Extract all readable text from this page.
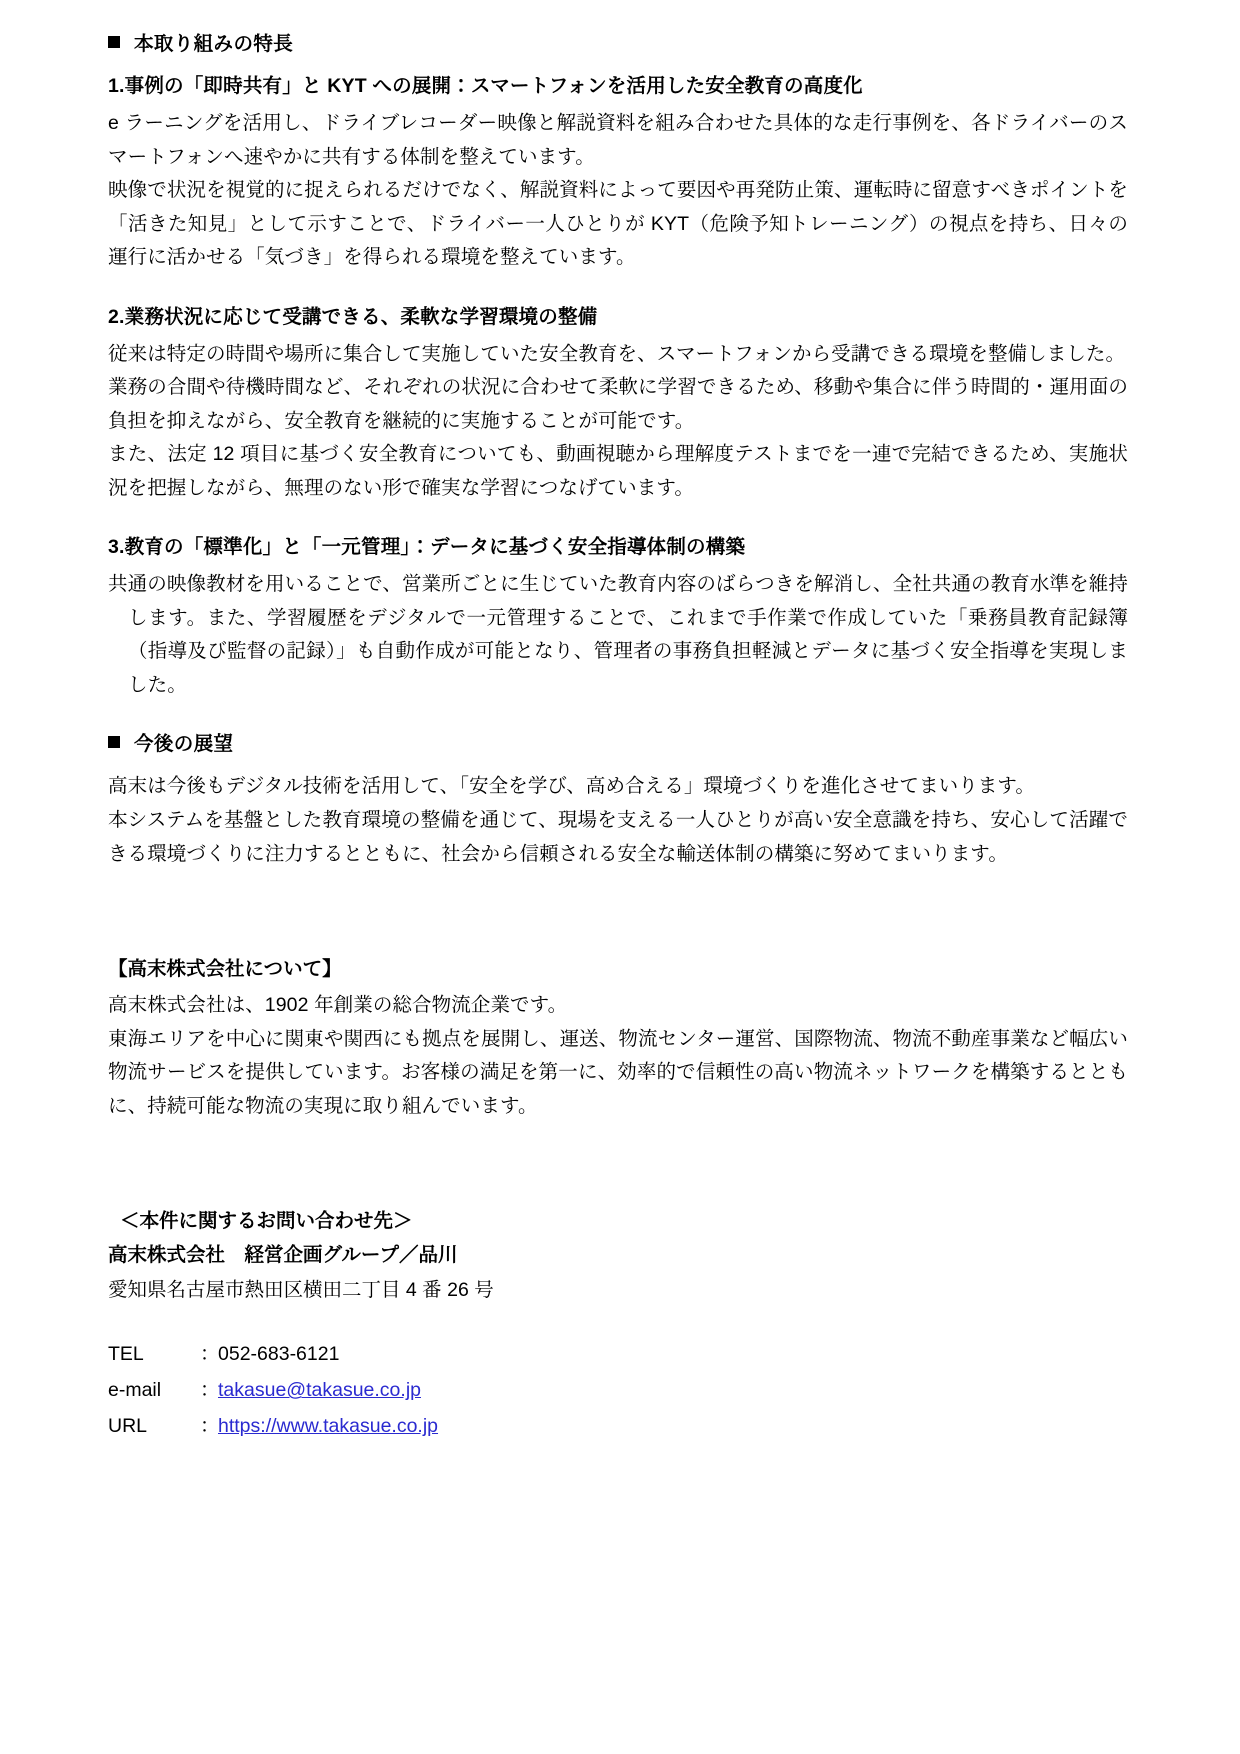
本取り組みの特長
1.事例の「即時共有」と KYT への展開：スマートフォンを活用した安全教育の高度化

e ラーニングを活用し、ドライブレコーダー映像と解説資料を組み合わせた具体的な走行事例を、各ドライバーのスマートフォンへ速やかに共有する体制を整えています。

映像で状況を視覚的に捉えられるだけでなく、解説資料によって要因や再発防止策、運転時に留意すべきポイントを「活きた知見」として示すことで、ドライバー一人ひとりが KYT（危険予知トレーニング）の視点を持ち、日々の運行に活かせる「気づき」を得られる環境を整えています。

2.業務状況に応じて受講できる、柔軟な学習環境の整備

従来は特定の時間や場所に集合して実施していた安全教育を、スマートフォンから受講できる環境を整備しました。

業務の合間や待機時間など、それぞれの状況に合わせて柔軟に学習できるため、移動や集合に伴う時間的・運用面の負担を抑えながら、安全教育を継続的に実施することが可能です。

また、法定 12 項目に基づく安全教育についても、動画視聴から理解度テストまでを一連で完結できるため、実施状況を把握しながら、無理のない形で確実な学習につなげています。

3.教育の「標準化」と「一元管理」：データに基づく安全指導体制の構築

共通の映像教材を用いることで、営業所ごとに生じていた教育内容のばらつきを解消し、全社共通の教育水準を維持します。また、学習履歴をデジタルで一元管理することで、これまで手作業で作成していた「乗務員教育記録簿（指導及び監督の記録）」も自動作成が可能となり、管理者の事務負担軽減とデータに基づく安全指導を実現しました。

今後の展望

高末は今後もデジタル技術を活用して、「安全を学び、高め合える」環境づくりを進化させてまいります。

本システムを基盤とした教育環境の整備を通じて、現場を支える一人ひとりが高い安全意識を持ち、安心して活躍できる環境づくりに注力するとともに、社会から信頼される安全な輸送体制の構築に努めてまいります。

【高末株式会社について】

高末株式会社は、1902 年創業の総合物流企業です。

東海エリアを中心に関東や関西にも拠点を展開し、運送、物流センター運営、国際物流、物流不動産事業など幅広い物流サービスを提供しています。お客様の満足を第一に、効率的で信頼性の高い物流ネットワークを構築するとともに、持続可能な物流の実現に取り組んでいます。

＜本件に関するお問い合わせ先＞
高末株式会社　経営企画グループ／品川
愛知県名古屋市熱田区横田二丁目 4 番 26 号
TEL	：
052-683-6121
e-mail	：
takasue@takasue.co.jp
URL	：
https://www.takasue.co.jp
